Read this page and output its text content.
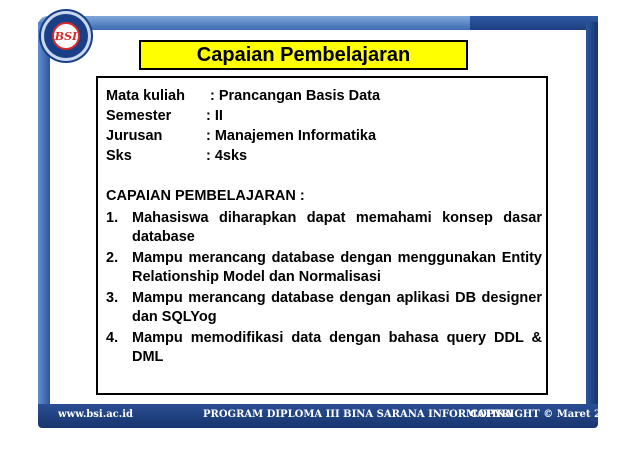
www.bsi.ac.id	PROGRAM DIPLOMA III BINA SARANA INFORMATIKA
COPYRIGHT © Maret 2014
BSI
Capaian Pembelajaran
Mata kuliah : Prancangan Basis Data
Semester : II
Jurusan	: Manajemen Informatika
Sks	: 4sks
CAPAIAN PEMBELAJARAN :
1. Mahasiswa diharapkan dapat memahami konsep dasar database
2. Mampu merancang database dengan menggunakan Entity Relationship Model dan Normalisasi
3. Mampu merancang database dengan aplikasi DB designer dan SQLYog
4. Mampu memodifikasi data dengan bahasa query DDL & DML
